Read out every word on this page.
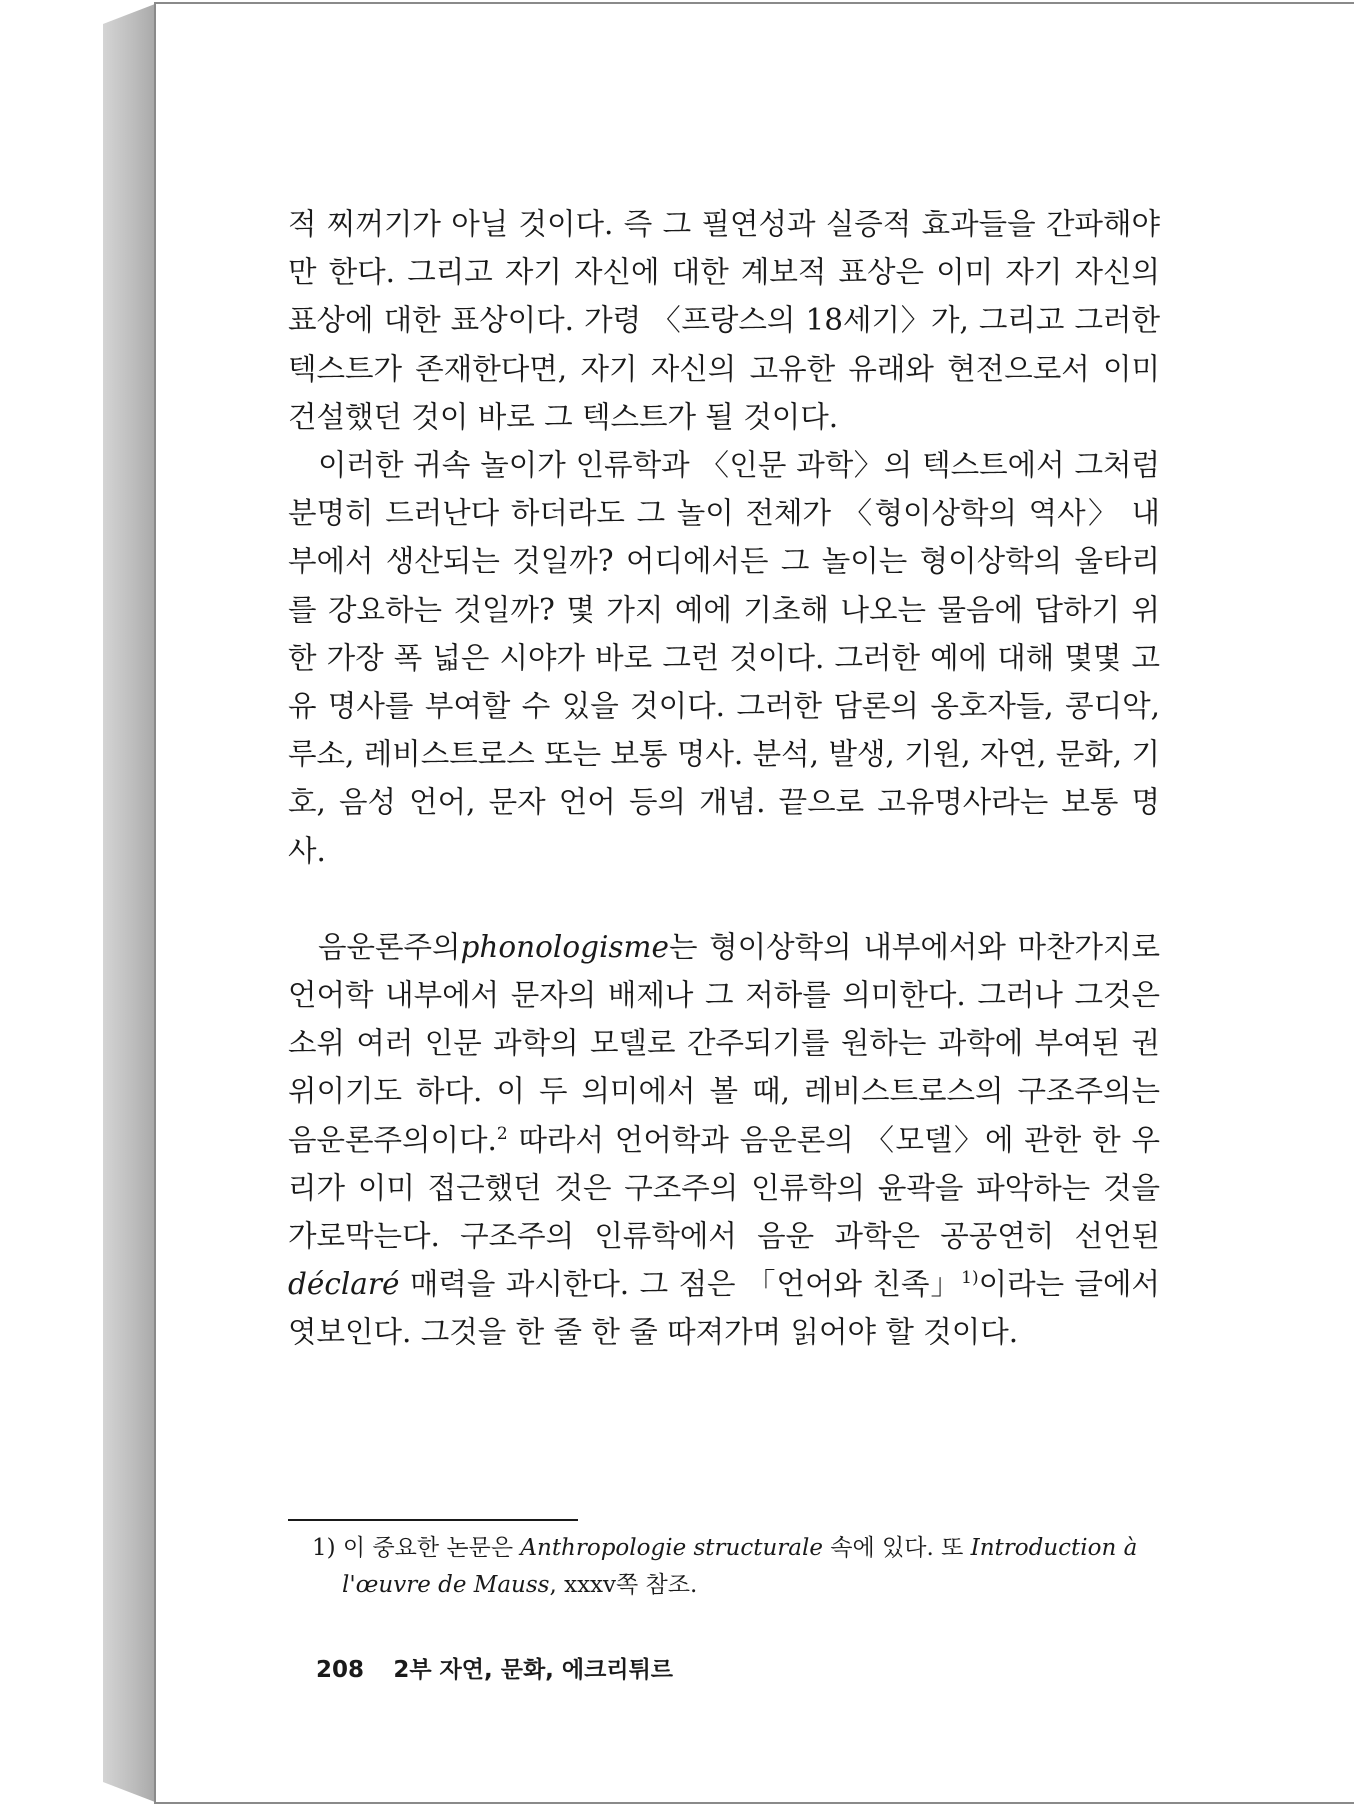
적 찌꺼기가 아닐 것이다. 즉 그 필연성과 실증적 효과들을 간파해야만 한다. 그리고 자기 자신에 대한 계보적 표상은 이미 자기 자신의 표상에 대한 표상이다. 가령 〈프랑스의 18세기〉가, 그리고 그러한 텍스트가 존재한다면, 자기 자신의 고유한 유래와 현전으로서 이미 건설했던 것이 바로 그 텍스트가 될 것이다.

이러한 귀속 놀이가 인류학과 〈인문 과학〉의 텍스트에서 그처럼 분명히 드러난다 하더라도 그 놀이 전체가 〈형이상학의 역사〉 내부에서 생산되는 것일까? 어디에서든 그 놀이는 형이상학의 울타리를 강요하는 것일까? 몇 가지 예에 기초해 나오는 물음에 답하기 위한 가장 폭 넓은 시야가 바로 그런 것이다. 그러한 예에 대해 몇몇 고유 명사를 부여할 수 있을 것이다. 그러한 담론의 옹호자들, 콩디악, 루소, 레비스트로스 또는 보통 명사. 분석, 발생, 기원, 자연, 문화, 기호, 음성 언어, 문자 언어 등의 개념. 끝으로 고유명사라는 보통 명사.

음운론주의phonologisme는 형이상학의 내부에서와 마찬가지로 언어학 내부에서 문자의 배제나 그 저하를 의미한다. 그러나 그것은 소위 여러 인문 과학의 모델로 간주되기를 원하는 과학에 부여된 권위이기도 하다. 이 두 의미에서 볼 때, 레비스트로스의 구조주의는 음운론주의이다.$^2$ 따라서 언어학과 음운론의 〈모델〉에 관한 한 우리가 이미 접근했던 것은 구조주의 인류학의 윤곽을 파악하는 것을 가로막는다. 구조주의 인류학에서 음운 과학은 공공연히 선언된 déclaré 매력을 과시한다. 그 점은 「언어와 친족」$^{1)}$이라는 글에서 엿보인다. 그것을 한 줄 한 줄 따져가며 읽어야 할 것이다.

1) 이 중요한 논문은 Anthropologie structurale 속에 있다. 또 Introduction à l'œuvre de Mauss, xxxv쪽 참조.
208 2부 자연, 문화, 에크리튀르
